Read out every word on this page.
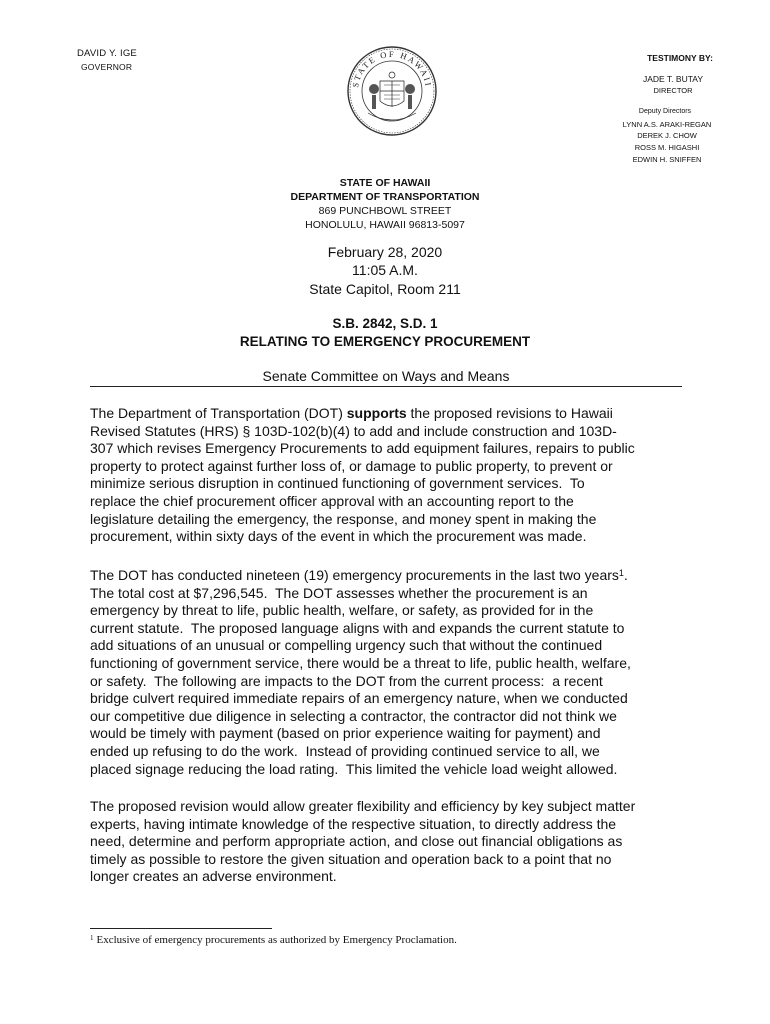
DAVID Y. IGE
GOVERNOR
STATE OF HAWAII
TESTIMONY BY:
JADE T. BUTAY
DIRECTOR
Deputy Directors
LYNN A.S. ARAKI-REGAN
DEREK J. CHOW
ROSS M. HIGASHI
EDWIN H. SNIFFEN
STATE OF HAWAII
DEPARTMENT OF TRANSPORTATION
869 PUNCHBOWL STREET
HONOLULU, HAWAII 96813-5097
February 28, 2020
11:05 A.M.
State Capitol, Room 211
S.B. 2842, S.D. 1
RELATING TO EMERGENCY PROCUREMENT
Senate Committee on Ways and Means
The Department of Transportation (DOT) supports the proposed revisions to Hawaii
Revised Statutes (HRS) § 103D-102(b)(4) to add and include construction and 103D-
307 which revises Emergency Procurements to add equipment failures, repairs to public
property to protect against further loss of, or damage to public property, to prevent or
minimize serious disruption in continued functioning of government services.  To
replace the chief procurement officer approval with an accounting report to the
legislature detailing the emergency, the response, and money spent in making the
procurement, within sixty days of the event in which the procurement was made.
The DOT has conducted nineteen (19) emergency procurements in the last two years$^1$.
The total cost at $7,296,545.  The DOT assesses whether the procurement is an
emergency by threat to life, public health, welfare, or safety, as provided for in the
current statute.  The proposed language aligns with and expands the current statute to
add situations of an unusual or compelling urgency such that without the continued
functioning of government service, there would be a threat to life, public health, welfare,
or safety.  The following are impacts to the DOT from the current process:  a recent
bridge culvert required immediate repairs of an emergency nature, when we conducted
our competitive due diligence in selecting a contractor, the contractor did not think we
would be timely with payment (based on prior experience waiting for payment) and
ended up refusing to do the work.  Instead of providing continued service to all, we
placed signage reducing the load rating.  This limited the vehicle load weight allowed.
The proposed revision would allow greater flexibility and efficiency by key subject matter
experts, having intimate knowledge of the respective situation, to directly address the
need, determine and perform appropriate action, and close out financial obligations as
timely as possible to restore the given situation and operation back to a point that no
longer creates an adverse environment.
$^1$ Exclusive of emergency procurements as authorized by Emergency Proclamation.
